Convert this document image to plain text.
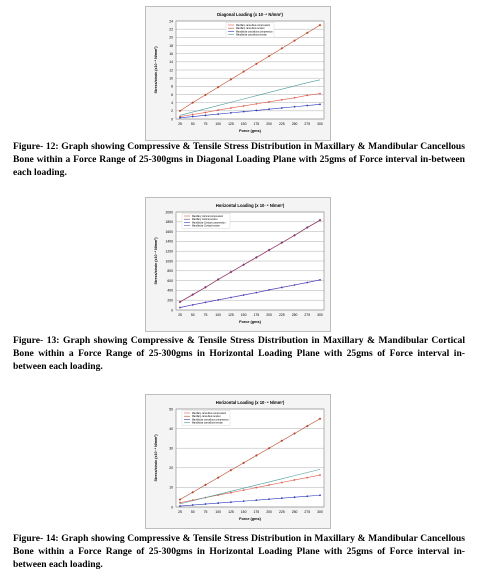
Diagonal Loading (x 10⁻⁴ N/mm²)
0
2
4
6
8
10
12
14
16
18
20
22
24
25	50	75 100 125 150 175 200 225 250 275 300
Force (gms)
Stress/strain (x10⁻⁴ N/mm²)
Maxillary cancellous compression
Maxillary cancellous tension
Mandibular cancellous compression
Mandibular cancellous tension
Figure- 12: Graph showing Compressive & Tensile Stress Distribution in Maxillary & Mandibular Cancellous Bone within a Force Range of 25-300gms in Diagonal Loading Plane with 25gms of Force interval in-between each loading.
Horizontal Loading (x 10⁻⁴ N/mm²)
0
200
400
600
800
1000
1200
1400
1600
1800
2000
25	50	75 100 125 150 175 200 225 250 275 300
Force (gms)
Stress/strain (x10⁻⁴ N/mm²)
Maxillary Cortical compression
Maxillary Cortical tension
Mandibular Cortical compression
Mandibular Cortical tension
Figure- 13: Graph showing Compressive & Tensile Stress Distribution in Maxillary & Mandibular Cortical Bone within a Force Range of 25-300gms in Horizontal Loading Plane with 25gms of Force interval in-between each loading.
Horizontal Loading (x 10⁻⁴ N/mm²)
0
10
20
30
40
50
25	50	75 100 125 150 175 200 225 250 275 300
Force (gms)
Stress/strain (x10⁻⁴ N/mm²)
Maxillary cancellous compression
Maxillary cancellous tension
Mandibular cancellous compression
Mandibular cancellous tension
Figure- 14: Graph showing Compressive & Tensile Stress Distribution in Maxillary & Mandibular Cancellous Bone within a Force Range of 25-300gms in Horizontal Loading Plane with 25gms of Force interval in-between each loading.
